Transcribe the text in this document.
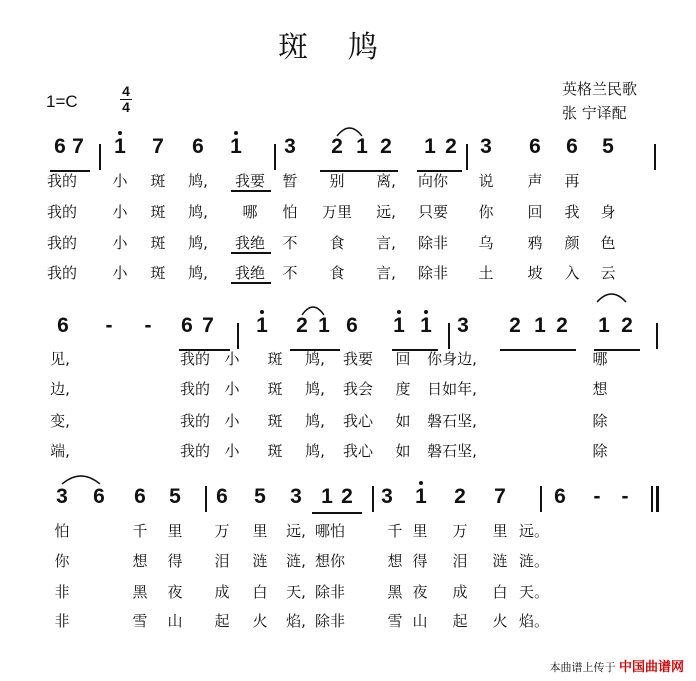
斑鸠
英格兰民歌
张 宁译配
1=C
4
4
6 7 1 7 6 1 3 2 1 2 1 2 3 6 6 5
我的 小 斑 鸠, 我要 暂 别 离, 向你 说 声 再
我的 小 斑 鸠, 哪 怕 万里 远, 只要 你 回 我 身
我的 小 斑 鸠, 我绝 不 食 言, 除非 乌 鸦 颜 色
我的 小 斑 鸠, 我绝 不 食 言, 除非 土 坡 入 云
6 - - 6 7 1 2 1 6 1 1 3 2 1 2 1 2
见,	我的 小 斑 鸠, 我要 回 你身边,	哪
边,	我的 小 斑 鸠, 我会 度 日如年,	想
变,	我的 小 斑 鸠, 我心 如 磐石坚,	除
端,	我的 小 斑 鸠, 我心 如 磐石坚,	除
3 6 6 5 6 5 3 1 2 3 1 2 7 6 - -
怕	千 里 万 里 远, 哪怕	千 里 万 里 远。
你	想 得 泪 涟 涟, 想你	想 得 泪 涟 涟。
非	黑 夜 成 白 天, 除非	黑 夜 成 白 天。
非	雪 山 起 火 焰, 除非	雪 山 起 火 焰。
本曲谱上传于 中国曲谱网
